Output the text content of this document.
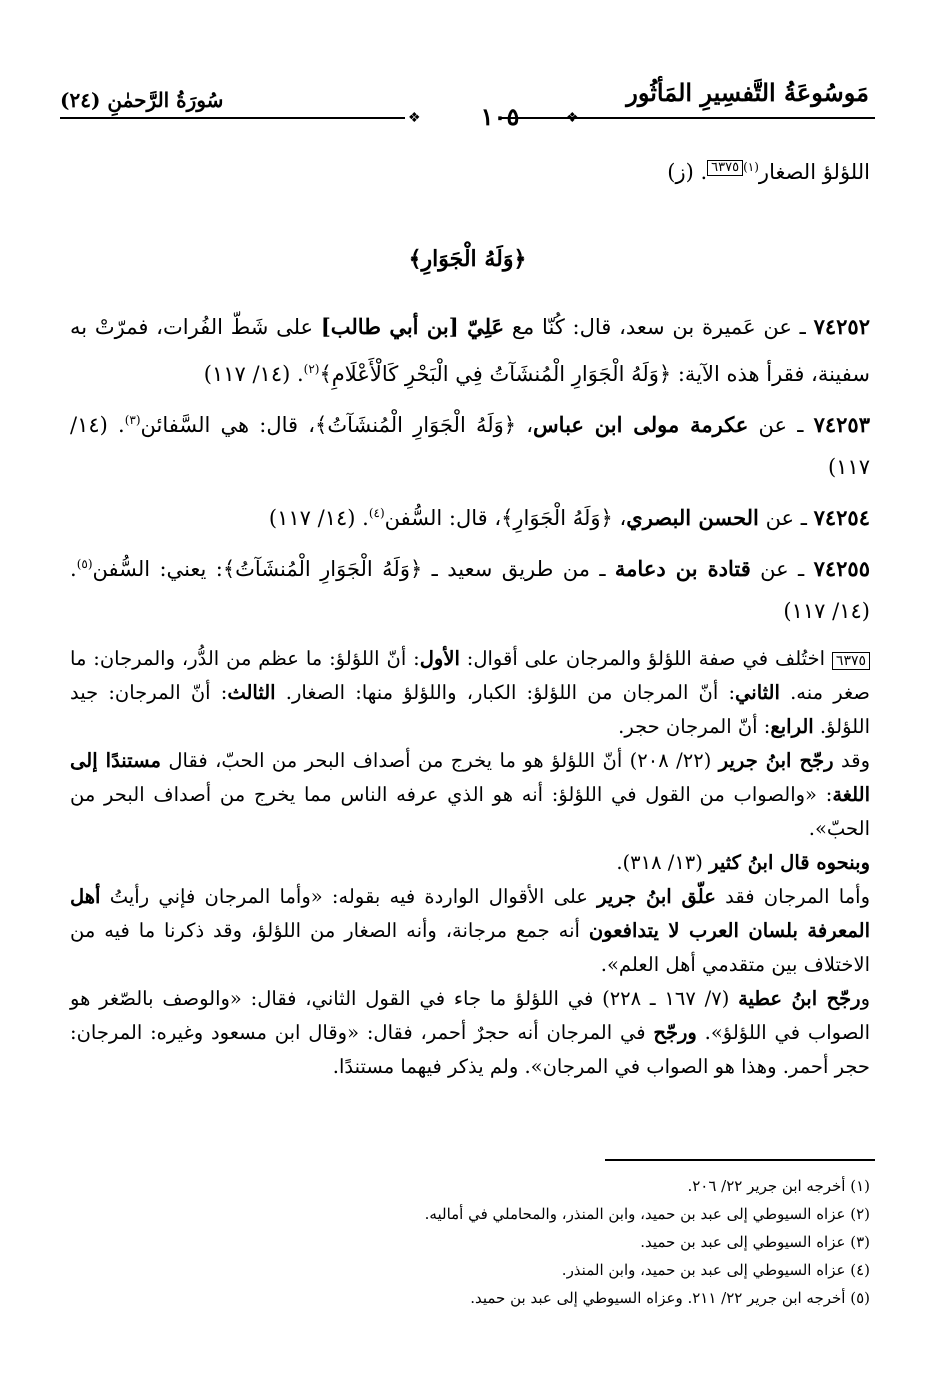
مَوسُوعَةُ التَّفسِيرِ المَأثُور
سُورَةُ الرَّحمٰنِ (٢٤)
❖	❖
١٠٥
اللؤلؤ الصغار$^{(١)}$٦٣٧٥. (ز)
﴿وَلَهُ الْجَوَارِ﴾
٧٤٢٥٢ ـ عن عَميرة بن سعد، قال: كُنّا مع عَلِيّ [بن أبي طالب] على شَطّ الفُرات، فمرّتْ به سفينة، فقرأ هذه الآية: ﴿وَلَهُ الْجَوَارِ الْمُنشَآتُ فِي الْبَحْرِ كَالْأَعْلَامِ﴾$^{(٢)}$. (١٤/ ١١٧)
٧٤٢٥٣ ـ عن عكرمة مولى ابن عباس، ﴿وَلَهُ الْجَوَارِ الْمُنشَآتُ﴾، قال: هي السَّفائن$^{(٣)}$. (١٤/ ١١٧)
٧٤٢٥٤ ـ عن الحسن البصري، ﴿وَلَهُ الْجَوَارِ﴾، قال: السُّفن$^{(٤)}$. (١٤/ ١١٧)
٧٤٢٥٥ ـ عن قتادة بن دعامة ـ من طريق سعيد ـ ﴿وَلَهُ الْجَوَارِ الْمُنشَآتُ﴾: يعني: السُّفن$^{(٥)}$. (١٤/ ١١٧)
٦٣٧٥ اختُلف في صفة اللؤلؤ والمرجان على أقوال: الأول: أنّ اللؤلؤ: ما عظم من الدُّر، والمرجان: ما صغر منه. الثاني: أنّ المرجان من اللؤلؤ: الكبار، واللؤلؤ منها: الصغار. الثالث: أنّ المرجان: جيد اللؤلؤ. الرابع: أنّ المرجان حجر.
وقد رجّح ابنُ جرير (٢٢/ ٢٠٨) أنّ اللؤلؤ هو ما يخرج من أصداف البحر من الحبّ، فقال مستندًا إلى اللغة: «والصواب من القول في اللؤلؤ: أنه هو الذي عرفه الناس مما يخرج من أصداف البحر من الحبّ».
وبنحوه قال ابنُ كثير (١٣/ ٣١٨).
وأما المرجان فقد علّق ابنُ جرير على الأقوال الواردة فيه بقوله: «وأما المرجان فإني رأيتُ أهل المعرفة بلسان العرب لا يتدافعون أنه جمع مرجانة، وأنه الصغار من اللؤلؤ، وقد ذكرنا ما فيه من الاختلاف بين متقدمي أهل العلم».
ورجّح ابنُ عطية (٧/ ١٦٧ ـ ٢٢٨) في اللؤلؤ ما جاء في القول الثاني، فقال: «والوصف بالصّغر هو الصواب في اللؤلؤ». ورجّح في المرجان أنه حجرٌ أحمر، فقال: «وقال ابن مسعود وغيره: المرجان: حجر أحمر. وهذا هو الصواب في المرجان». ولم يذكر فيهما مستندًا.
(١) أخرجه ابن جرير ٢٢/ ٢٠٦.
(٢) عزاه السيوطي إلى عبد بن حميد، وابن المنذر، والمحاملي في أماليه.
(٣) عزاه السيوطي إلى عبد بن حميد.
(٤) عزاه السيوطي إلى عبد بن حميد، وابن المنذر.
(٥) أخرجه ابن جرير ٢٢/ ٢١١. وعزاه السيوطي إلى عبد بن حميد.
